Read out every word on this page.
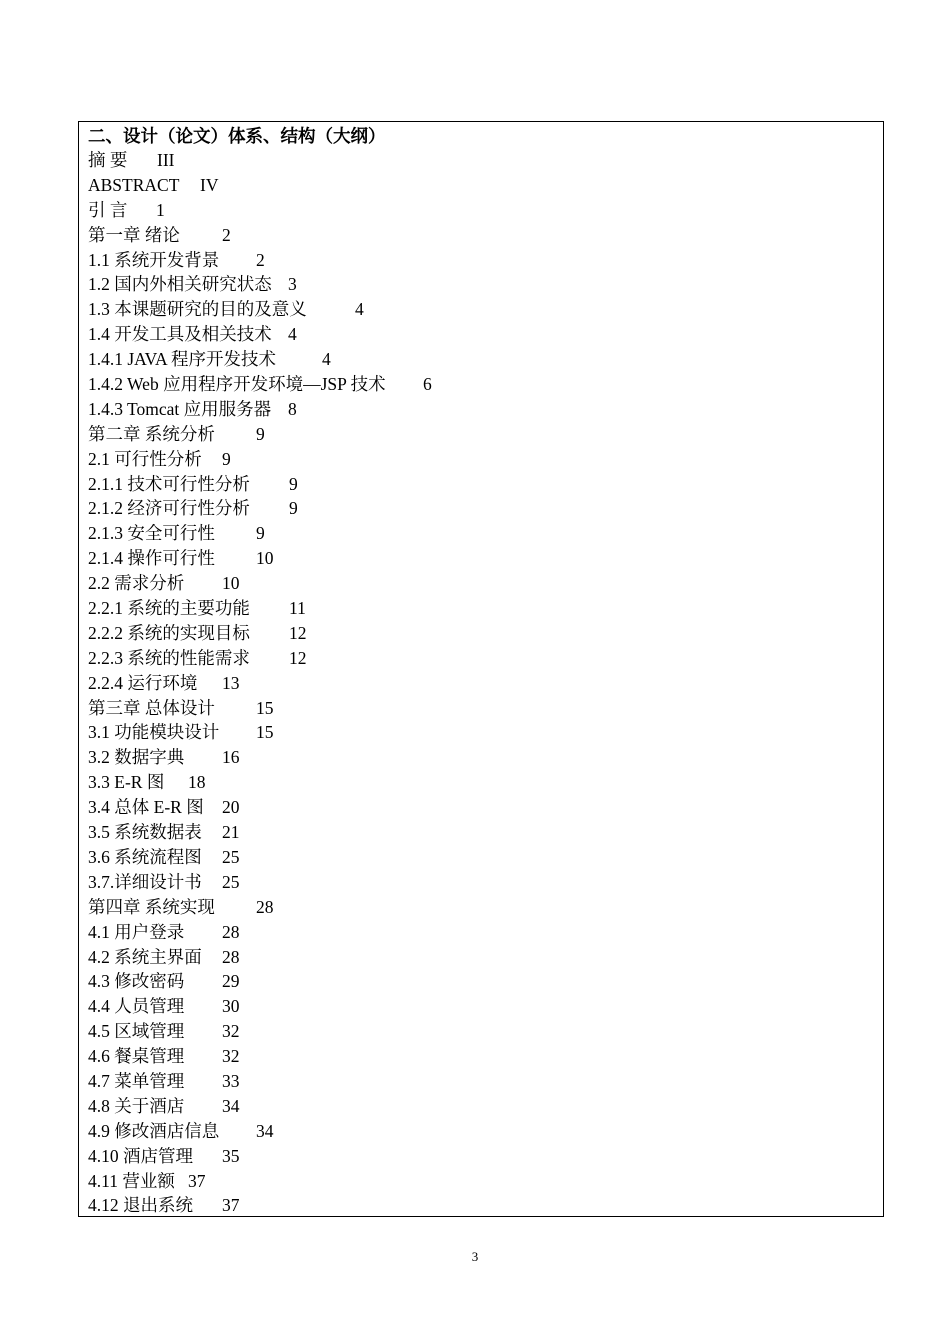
二、设计（论文）体系、结构（大纲）
摘 要 III
ABSTRACT IV
引 言 1
第一章 绪论 2
1.1 系统开发背景 2
1.2 国内外相关研究状态 3
1.3 本课题研究的目的及意义	4
1.4 开发工具及相关技术 4
1.4.1 JAVA 程序开发技术	4
1.4.2 Web 应用程序开发环境—JSP 技术 6
1.4.3 Tomcat 应用服务器 8
第二章 系统分析 9
2.1 可行性分析 9
2.1.1 技术可行性分析 9
2.1.2 经济可行性分析 9
2.1.3 安全可行性 9
2.1.4 操作可行性 10
2.2 需求分析 10
2.2.1 系统的主要功能 11
2.2.2 系统的实现目标 12
2.2.3 系统的性能需求 12
2.2.4 运行环境 13
第三章 总体设计 15
3.1 功能模块设计 15
3.2 数据字典 16
3.3 E-R 图 18
3.4 总体 E-R 图 20
3.5 系统数据表 21
3.6 系统流程图 25
3.7.详细设计书 25
第四章 系统实现 28
4.1 用户登录 28
4.2 系统主界面 28
4.3 修改密码 29
4.4 人员管理 30
4.5 区域管理 32
4.6 餐桌管理 32
4.7 菜单管理 33
4.8 关于酒店 34
4.9 修改酒店信息 34
4.10 酒店管理 35
4.11 营业额 37
4.12 退出系统 37
3
